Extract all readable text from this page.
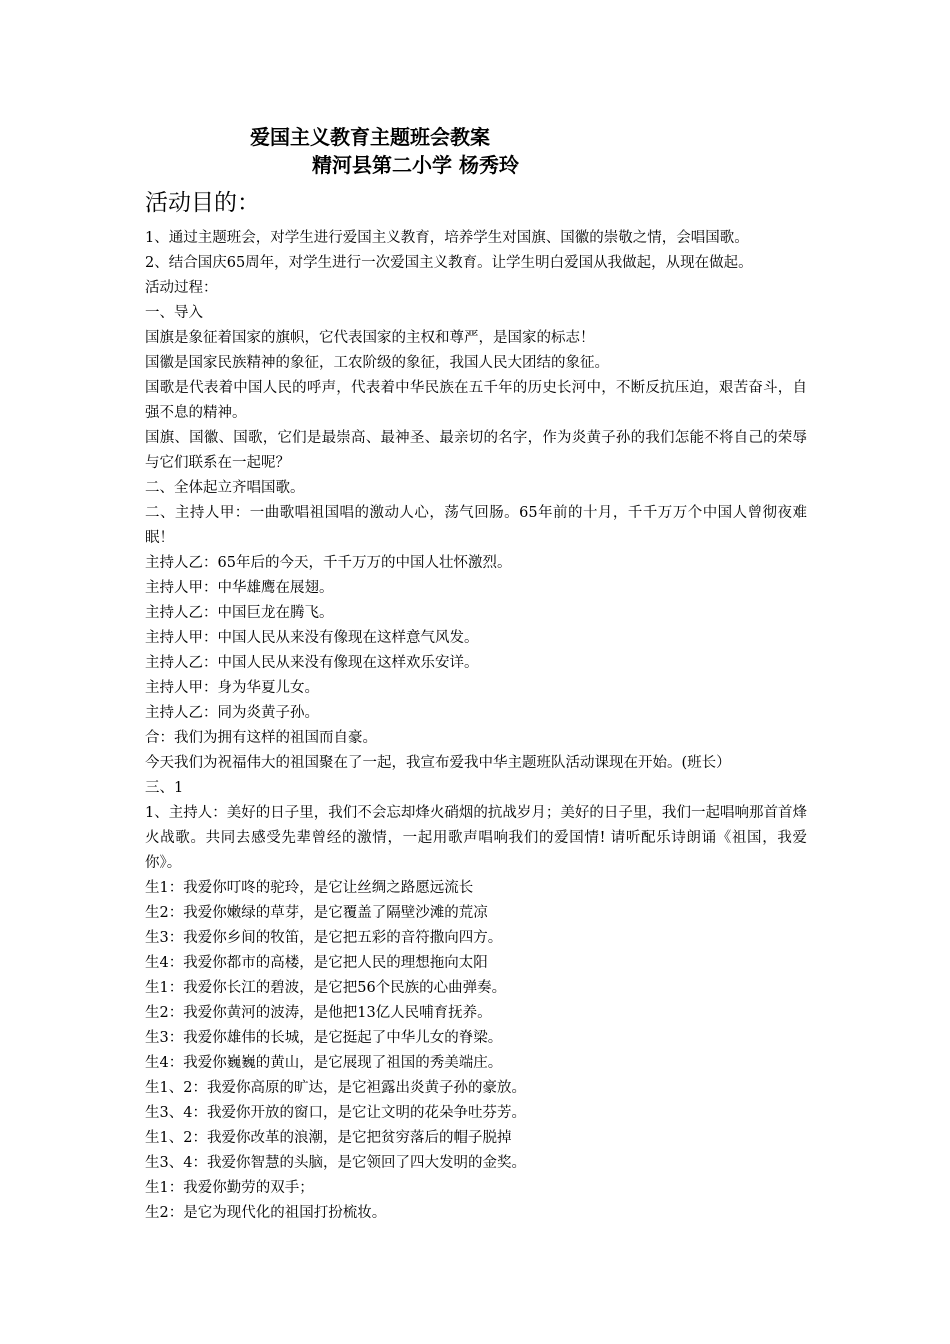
爱国主义教育主题班会教案
精河县第二小学 杨秀玲
活动目的：

1、通过主题班会，对学生进行爱国主义教育，培养学生对国旗、国徽的崇敬之情，会唱国歌。

2、结合国庆65周年，对学生进行一次爱国主义教育。让学生明白爱国从我做起，从现在做起。

活动过程：

一、导入

国旗是象征着国家的旗帜，它代表国家的主权和尊严，是国家的标志！

国徽是国家民族精神的象征，工农阶级的象征，我国人民大团结的象征。

国歌是代表着中国人民的呼声，代表着中华民族在五千年的历史长河中，不断反抗压迫，艰苦奋斗，自强不息的精神。

国旗、国徽、国歌，它们是最崇高、最神圣、最亲切的名字，作为炎黄子孙的我们怎能不将自己的荣辱与它们联系在一起呢？

二、全体起立齐唱国歌。

二、主持人甲：一曲歌唱祖国唱的激动人心，荡气回肠。65年前的十月，千千万万个中国人曾彻夜难眠！

主持人乙：65年后的今天，千千万万的中国人壮怀激烈。

主持人甲：中华雄鹰在展翅。

主持人乙：中国巨龙在腾飞。

主持人甲：中国人民从来没有像现在这样意气风发。

主持人乙：中国人民从来没有像现在这样欢乐安详。

主持人甲：身为华夏儿女。

主持人乙：同为炎黄子孙。

合：我们为拥有这样的祖国而自豪。

今天我们为祝福伟大的祖国聚在了一起，我宣布爱我中华主题班队活动课现在开始。(班长）

三、1

1、主持人：美好的日子里，我们不会忘却烽火硝烟的抗战岁月；美好的日子里，我们一起唱响那首首烽火战歌。共同去感受先辈曾经的激情，一起用歌声唱响我们的爱国情! 请听配乐诗朗诵《祖国，我爱你》。

生1：我爱你叮咚的驼玲，是它让丝绸之路愿远流长

生2：我爱你嫩绿的草芽，是它覆盖了隔壁沙滩的荒凉

生3：我爱你乡间的牧笛，是它把五彩的音符撒向四方。

生4：我爱你都市的高楼，是它把人民的理想拖向太阳

生1：我爱你长江的碧波，是它把56个民族的心曲弹奏。

生2：我爱你黄河的波涛，是他把13亿人民哺育抚养。

生3：我爱你雄伟的长城，是它挺起了中华儿女的脊梁。

生4：我爱你巍巍的黄山，是它展现了祖国的秀美端庄。

生1、2：我爱你高原的旷达，是它袒露出炎黄子孙的豪放。

生3、4：我爱你开放的窗口，是它让文明的花朵争吐芬芳。

生1、2：我爱你改革的浪潮，是它把贫穷落后的帽子脱掉

生3、4：我爱你智慧的头脑，是它领回了四大发明的金奖。

生1：我爱你勤劳的双手；

生2：是它为现代化的祖国打扮梳妆。
